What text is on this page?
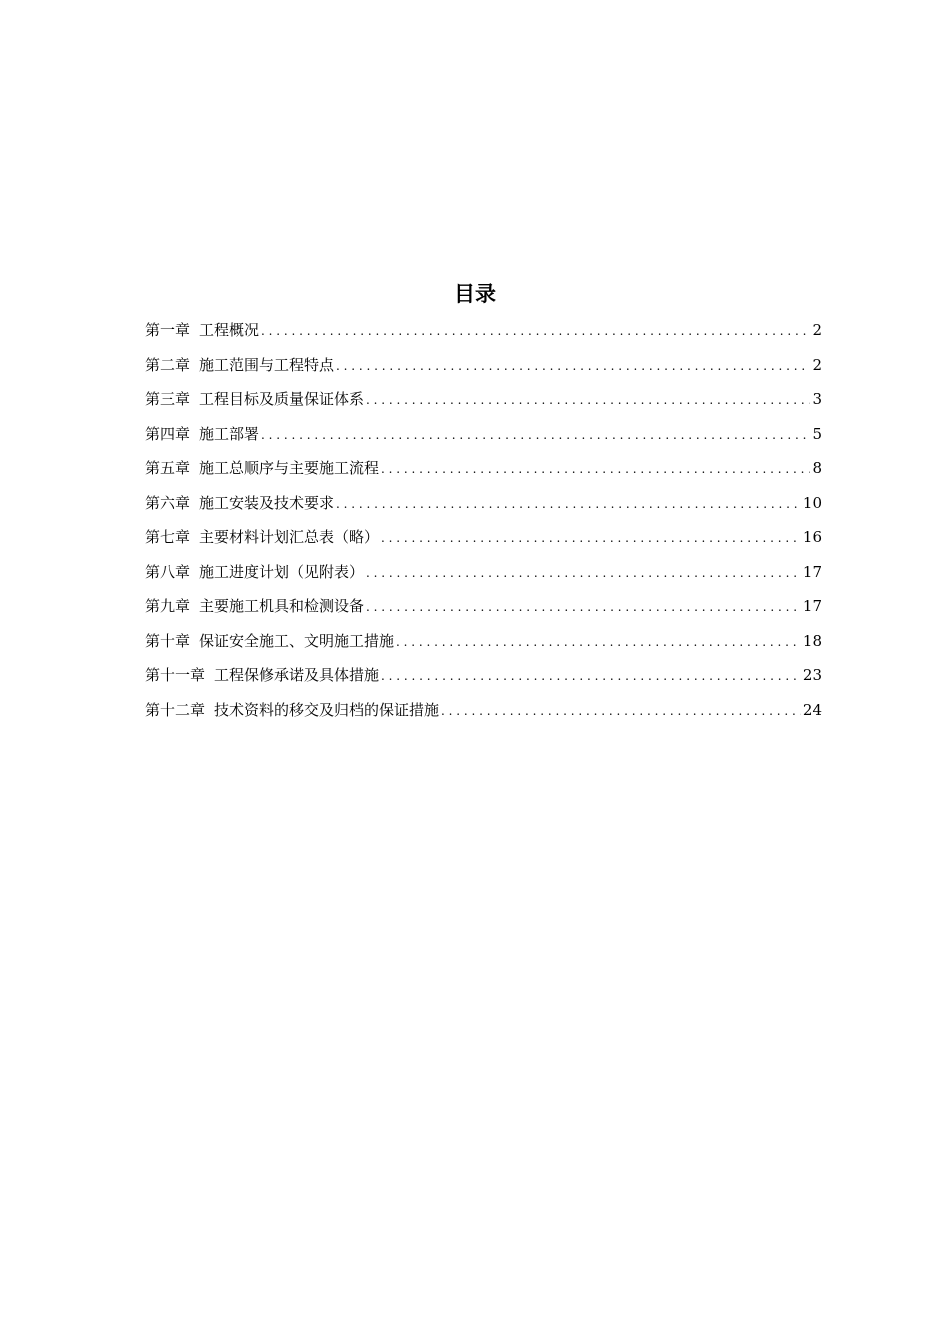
目录
第一章 工程概况 . . .	2
第二章 施工范围与工程特点 . . .	2
第三章 工程目标及质量保证体系 . . .	3
第四章 施工部署 . . .	5
第五章 施工总顺序与主要施工流程 . . .	8
第六章 施工安装及技术要求 . . .	10
第七章 主要材料计划汇总表（略） . . .	16
第八章 施工进度计划（见附表） . . .	17
第九章 主要施工机具和检测设备 . . .	17
第十章 保证安全施工、文明施工措施 . . .	18
第十一章 工程保修承诺及具体措施 . . .	23
第十二章 技术资料的移交及归档的保证措施 . . .	24
